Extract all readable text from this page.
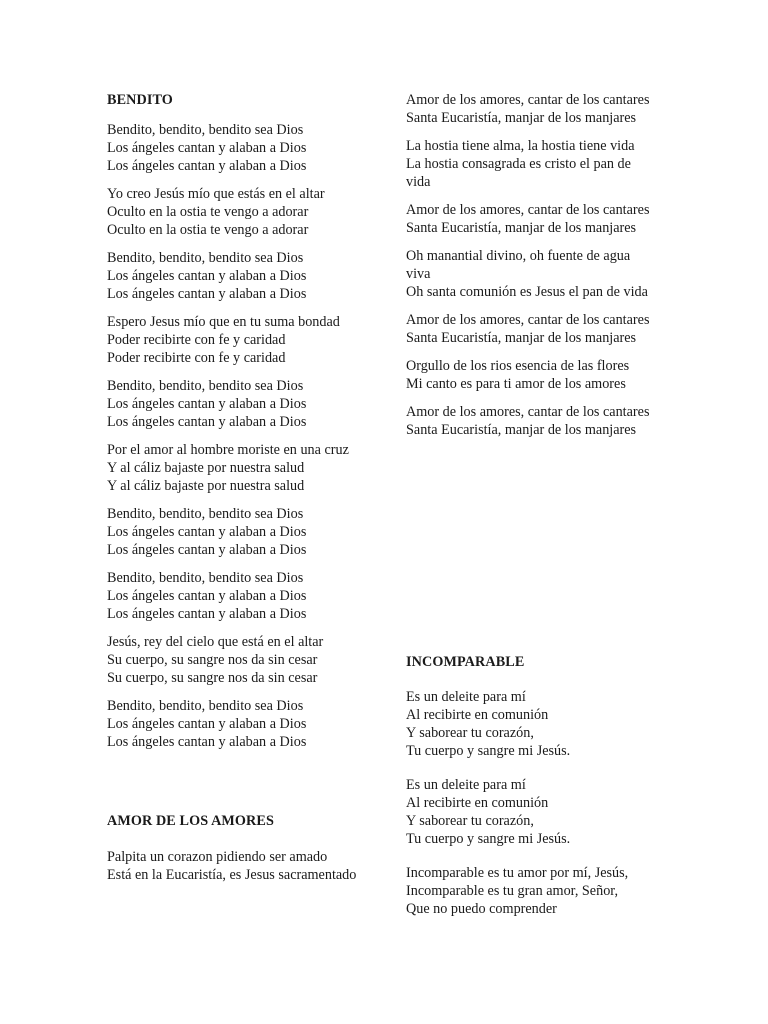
BENDITO

Bendito, bendito, bendito sea Dios
Los ángeles cantan y alaban a Dios
Los ángeles cantan y alaban a Dios

Yo creo Jesús mío que estás en el altar
Oculto en la ostia te vengo a adorar
Oculto en la ostia te vengo a adorar

Bendito, bendito, bendito sea Dios
Los ángeles cantan y alaban a Dios
Los ángeles cantan y alaban a Dios

Espero Jesus mío que en tu suma bondad
Poder recibirte con fe y caridad
Poder recibirte con fe y caridad

Bendito, bendito, bendito sea Dios
Los ángeles cantan y alaban a Dios
Los ángeles cantan y alaban a Dios

Por el amor al hombre moriste en una cruz
Y al cáliz bajaste por nuestra salud
Y al cáliz bajaste por nuestra salud

Bendito, bendito, bendito sea Dios
Los ángeles cantan y alaban a Dios
Los ángeles cantan y alaban a Dios

Bendito, bendito, bendito sea Dios
Los ángeles cantan y alaban a Dios
Los ángeles cantan y alaban a Dios

Jesús, rey del cielo que está en el altar
Su cuerpo, su sangre nos da sin cesar
Su cuerpo, su sangre nos da sin cesar

Bendito, bendito, bendito sea Dios
Los ángeles cantan y alaban a Dios
Los ángeles cantan y alaban a Dios

AMOR DE LOS AMORES

Palpita un corazon pidiendo ser amado
Está en la Eucaristía, es Jesus sacramentado

Amor de los amores, cantar de los cantares
Santa Eucaristía, manjar de los manjares

La hostia tiene alma, la hostia tiene vida
La hostia consagrada es cristo el pan de vida

Amor de los amores, cantar de los cantares
Santa Eucaristía, manjar de los manjares

Oh manantial divino, oh fuente de agua viva
Oh santa comunión es Jesus el pan de vida

Amor de los amores, cantar de los cantares
Santa Eucaristía, manjar de los manjares

Orgullo de los rios esencia de las flores
Mi canto es para ti amor de los amores

Amor de los amores, cantar de los cantares
Santa Eucaristía, manjar de los manjares

INCOMPARABLE

Es un deleite para mí
Al recibirte en comunión
Y saborear tu corazón,
Tu cuerpo y sangre mi Jesús.

Es un deleite para mí
Al recibirte en comunión
Y saborear tu corazón,
Tu cuerpo y sangre mi Jesús.

Incomparable es tu amor por mí, Jesús,
Incomparable es tu gran amor, Señor,
Que no puedo comprender
